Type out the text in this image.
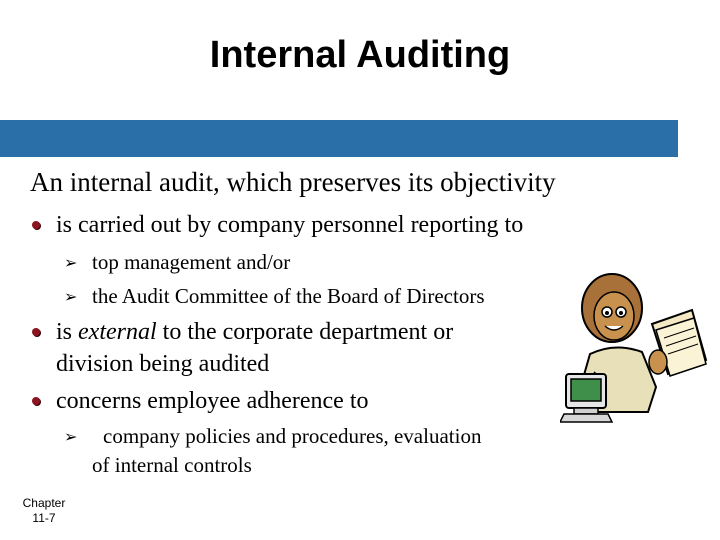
Internal Auditing
An internal audit, which preserves its objectivity
is carried out by company personnel reporting to
➢ top management and/or
➢ the Audit Committee of the Board of Directors
is external to the corporate department or
division being audited
concerns employee adherence to
➢ company policies and procedures, evaluation
of internal controls
Chapter
11-7
